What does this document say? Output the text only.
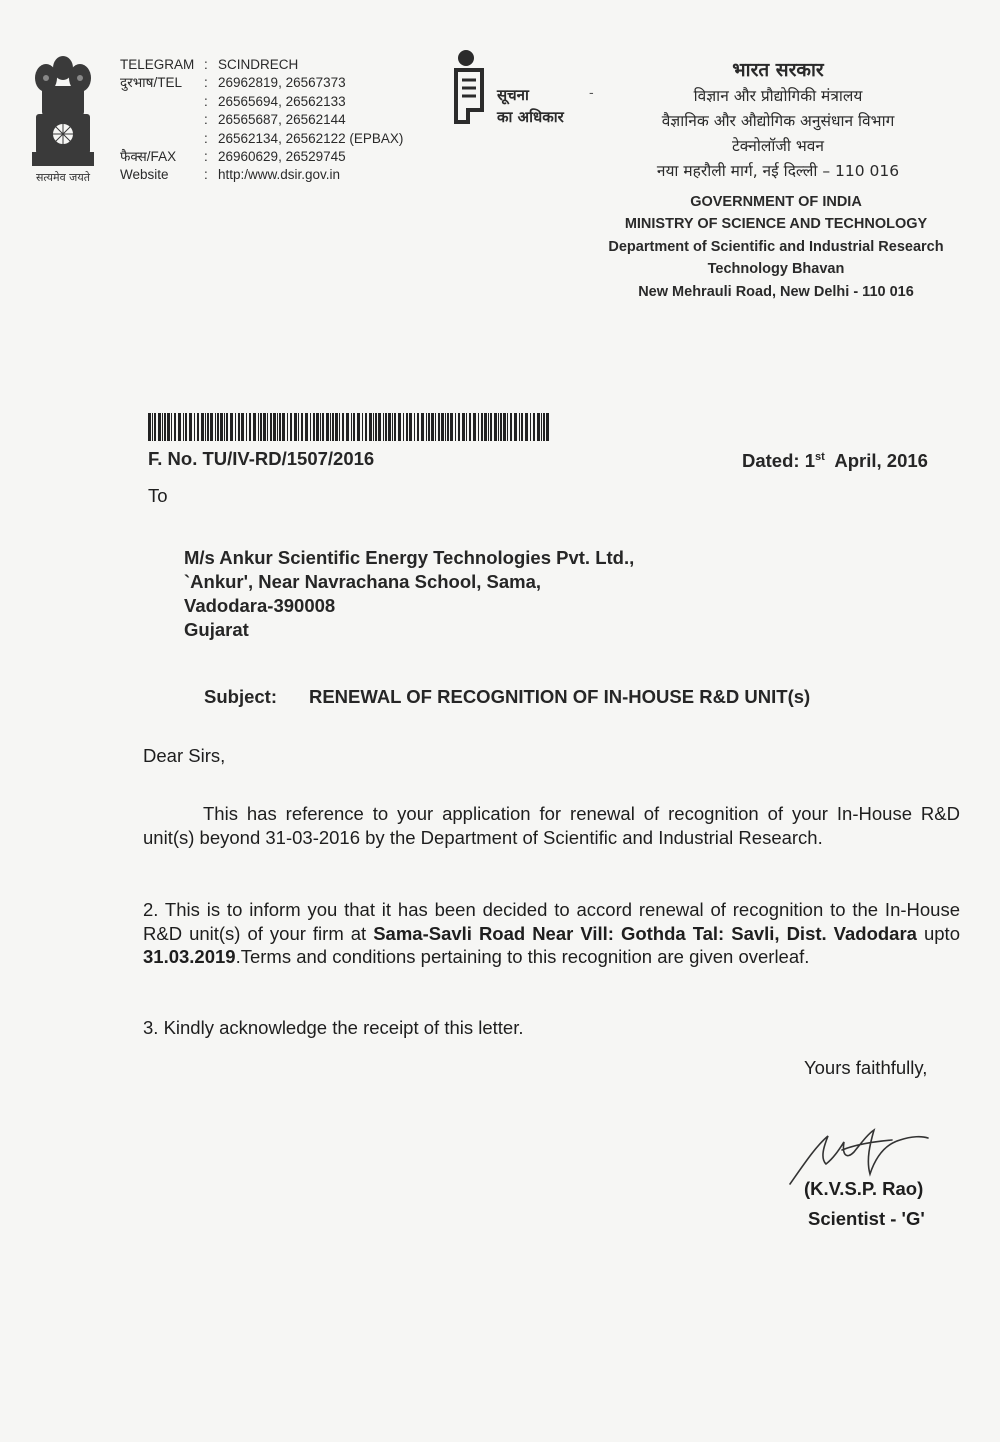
सत्यमेव जयते
TELEGRAM : SCINDRECH
दुरभाष/TEL	: 26962819, 26567373
: 26565694, 26562133
: 26565687, 26562144
: 26562134, 26562122 (EPBAX)
फैक्स/FAX	: 26960629, 26529745
Website	: http:/www.dsir.gov.in
सूचना
का अधिकार
-
भारत सरकार
विज्ञान और प्रौद्योगिकी मंत्रालय
वैज्ञानिक और औद्योगिक अनुसंधान विभाग
टेक्नोलॉजी भवन
नया महरौली मार्ग, नई दिल्ली – 110 016
GOVERNMENT OF INDIA
MINISTRY OF SCIENCE AND TECHNOLOGY
Department of Scientific and Industrial Research
Technology Bhavan
New Mehrauli Road, New Delhi - 110 016
F. No. TU/IV-RD/1507/2016	Dated: 1st April, 2016
To
M/s Ankur Scientific Energy Technologies Pvt. Ltd.,
`Ankur', Near Navrachana School, Sama,
Vadodara-390008
Gujarat
Subject: RENEWAL OF RECOGNITION OF IN-HOUSE R&D UNIT(s)
Dear Sirs,
This has reference to your application for renewal of recognition of your In-House R&D unit(s) beyond 31-03-2016 by the Department of Scientific and Industrial Research.
2. This is to inform you that it has been decided to accord renewal of recognition to the In-House R&D unit(s) of your firm at Sama-Savli Road Near Vill: Gothda Tal: Savli, Dist. Vadodara upto 31.03.2019.Terms and conditions pertaining to this recognition are given overleaf.
3. Kindly acknowledge the receipt of this letter.
Yours faithfully,
(K.V.S.P. Rao)
Scientist - 'G'
